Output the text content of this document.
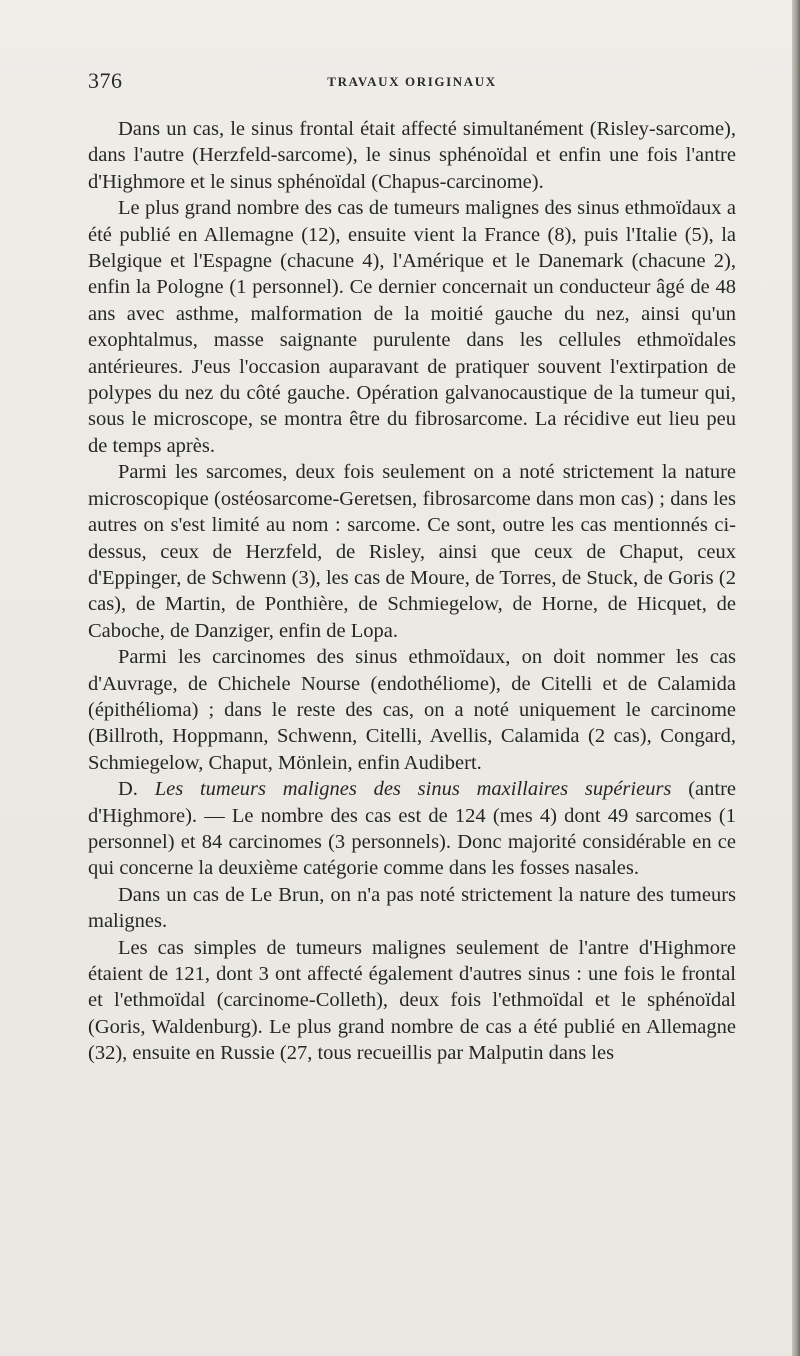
376	TRAVAUX ORIGINAUX

Dans un cas, le sinus frontal était affecté simultanément (Risley-sarcome), dans l'autre (Herzfeld-sarcome), le sinus sphénoïdal et enfin une fois l'antre d'Highmore et le sinus sphénoïdal (Chapus-carcinome).

Le plus grand nombre des cas de tumeurs malignes des sinus ethmoïdaux a été publié en Allemagne (12), ensuite vient la France (8), puis l'Italie (5), la Belgique et l'Espagne (chacune 4), l'Amérique et le Danemark (chacune 2), enfin la Pologne (1 personnel). Ce dernier concernait un conducteur âgé de 48 ans avec asthme, malformation de la moitié gauche du nez, ainsi qu'un exophtalmus, masse saignante purulente dans les cellules ethmoïdales antérieures. J'eus l'occasion auparavant de pratiquer souvent l'extirpation de polypes du nez du côté gauche. Opération galvanocaustique de la tumeur qui, sous le microscope, se montra être du fibrosarcome. La récidive eut lieu peu de temps après.

Parmi les sarcomes, deux fois seulement on a noté strictement la nature microscopique (ostéosarcome-Geretsen, fibrosarcome dans mon cas) ; dans les autres on s'est limité au nom : sarcome. Ce sont, outre les cas mentionnés ci-dessus, ceux de Herzfeld, de Risley, ainsi que ceux de Chaput, ceux d'Eppinger, de Schwenn (3), les cas de Moure, de Torres, de Stuck, de Goris (2 cas), de Martin, de Ponthière, de Schmiegelow, de Horne, de Hicquet, de Caboche, de Danziger, enfin de Lopa.

Parmi les carcinomes des sinus ethmoïdaux, on doit nommer les cas d'Auvrage, de Chichele Nourse (endothéliome), de Citelli et de Calamida (épithélioma) ; dans le reste des cas, on a noté uniquement le carcinome (Billroth, Hoppmann, Schwenn, Citelli, Avellis, Calamida (2 cas), Congard, Schmiegelow, Chaput, Mönlein, enfin Audibert.

D. Les tumeurs malignes des sinus maxillaires supérieurs (antre d'Highmore). — Le nombre des cas est de 124 (mes 4) dont 49 sarcomes (1 personnel) et 84 carcinomes (3 personnels). Donc majorité considérable en ce qui concerne la deuxième catégorie comme dans les fosses nasales.

Dans un cas de Le Brun, on n'a pas noté strictement la nature des tumeurs malignes.

Les cas simples de tumeurs malignes seulement de l'antre d'Highmore étaient de 121, dont 3 ont affecté également d'autres sinus : une fois le frontal et l'ethmoïdal (carcinome-Colleth), deux fois l'ethmoïdal et le sphénoïdal (Goris, Waldenburg). Le plus grand nombre de cas a été publié en Allemagne (32), ensuite en Russie (27, tous recueillis par Malputin dans les
